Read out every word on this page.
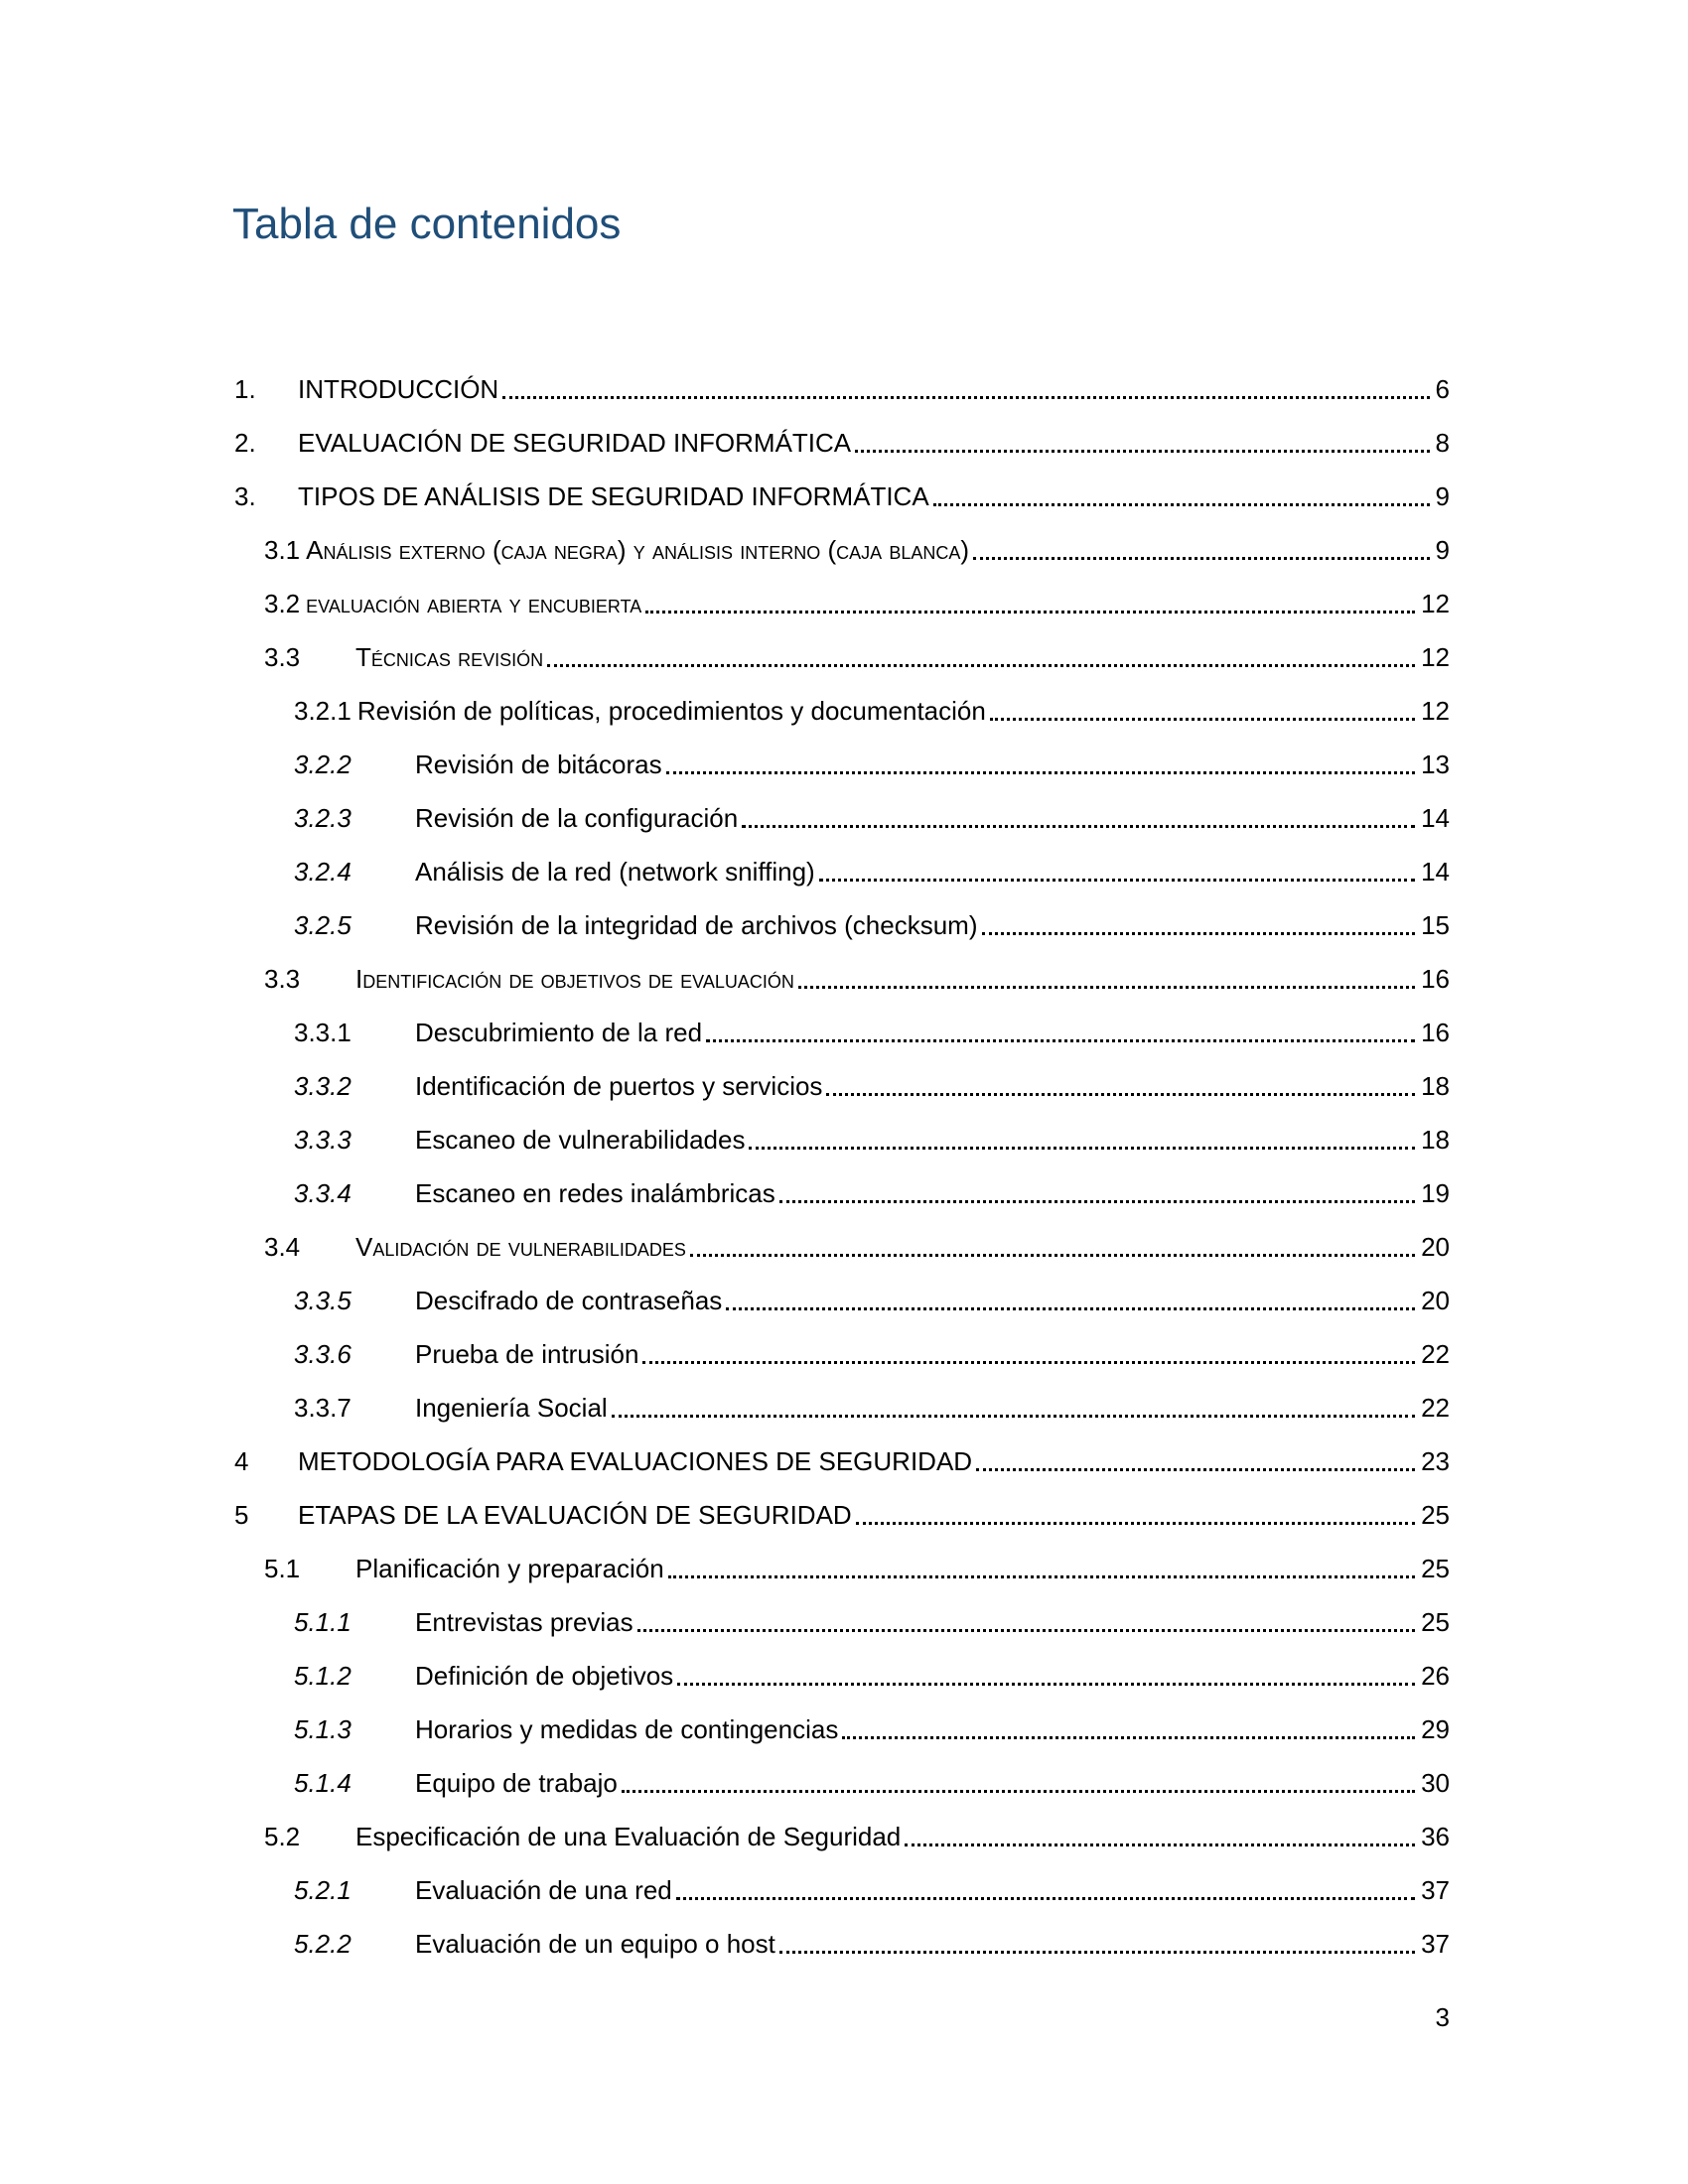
Tabla de contenidos
1.	INTRODUCCIÓN	6
2.	EVALUACIÓN DE SEGURIDAD INFORMÁTICA	8
3.	TIPOS DE ANÁLISIS DE SEGURIDAD INFORMÁTICA	9
3.1 Análisis externo (caja negra) y análisis interno (caja blanca)	9
3.2 evaluación abierta y encubierta	12
3.3	Técnicas revisión	12
3.2.1 Revisión de políticas, procedimientos y documentación	12
3.2.2	Revisión de bitácoras	13
3.2.3	Revisión de la configuración	14
3.2.4	Análisis de la red (network sniffing)	14
3.2.5	Revisión de la integridad de archivos (checksum)	15
3.3	Identificación de objetivos de evaluación	16
3.3.1	Descubrimiento de la red	16
3.3.2	Identificación de puertos y servicios	18
3.3.3	Escaneo de vulnerabilidades	18
3.3.4	Escaneo en redes inalámbricas	19
3.4	Validación de vulnerabilidades	20
3.3.5	Descifrado de contraseñas	20
3.3.6	Prueba de intrusión	22
3.3.7	Ingeniería Social	22
4	METODOLOGÍA PARA EVALUACIONES DE SEGURIDAD	23
5	ETAPAS DE LA EVALUACIÓN DE SEGURIDAD	25
5.1	Planificación y preparación	25
5.1.1	Entrevistas previas	25
5.1.2	Definición de objetivos	26
5.1.3	Horarios y medidas de contingencias	29
5.1.4	Equipo de trabajo	30
5.2	Especificación de una Evaluación de Seguridad	36
5.2.1	Evaluación de una red	37
5.2.2	Evaluación de un equipo o host	37
3
